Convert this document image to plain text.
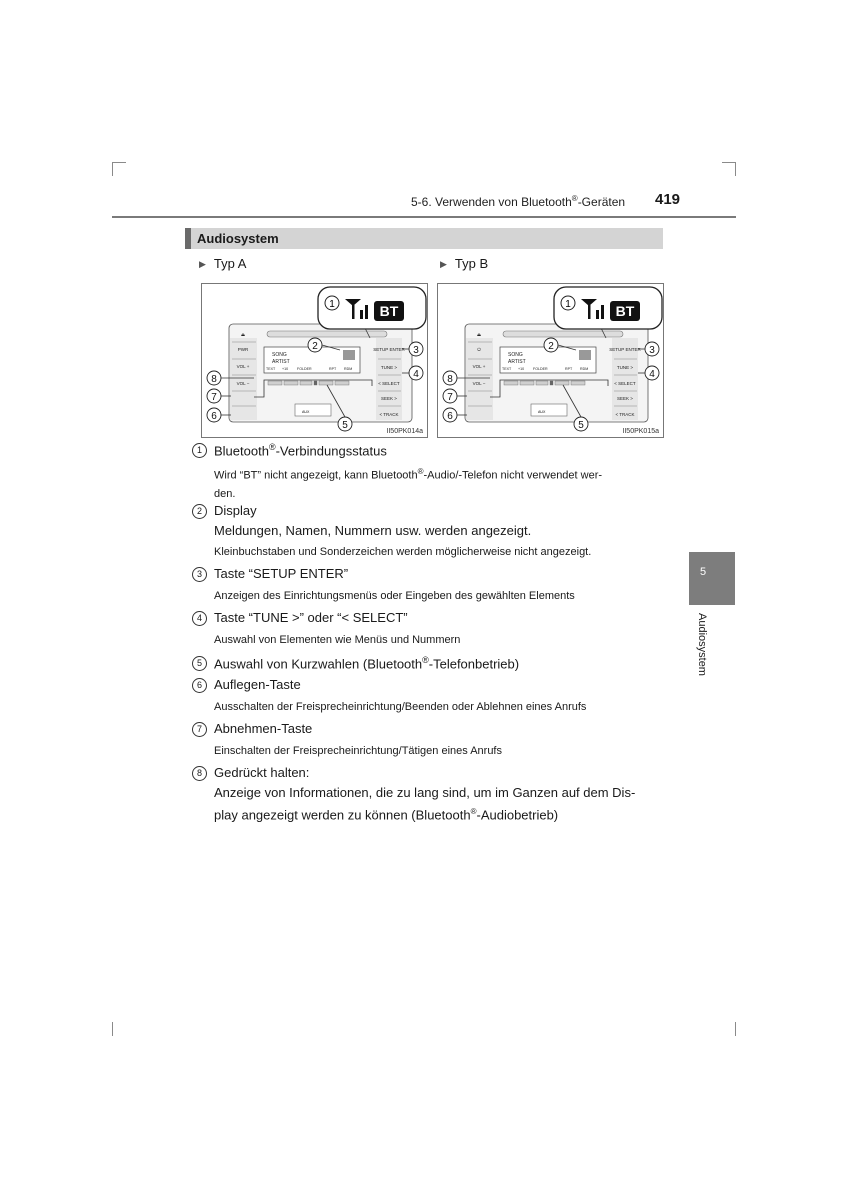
5-6. Verwenden von Bluetooth®-Geräten 419
Audiosystem
▶ Typ A	▶ Typ B
⏏
PWR
VOL +
VOL −
SETUP ENTER
TUNE >
< SELECT
SEEK >
< TRACK
SONG
ARTIST
TEXT +10 FOLDER	RPT RDM
AUX
1	BT
2	3
4
5
6
7
8
II50PK014a
⏏
⏻
VOL +
VOL −
SETUP ENTER
TUNE >
< SELECT
SEEK >
< TRACK
SONG
ARTIST
TEXT +10 FOLDER	RPT RDM
AUX
1	BT
2	3
4
5
6
7
8
II50PK015a
1 Bluetooth®-Verbindungsstatus
Wird “BT” nicht angezeigt, kann Bluetooth®-Audio/-Telefon nicht verwendet wer-
den.
2 Display
Meldungen, Namen, Nummern usw. werden angezeigt.
Kleinbuchstaben und Sonderzeichen werden möglicherweise nicht angezeigt.
3 Taste “SETUP ENTER”
Anzeigen des Einrichtungsmenüs oder Eingeben des gewählten Elements
4 Taste “TUNE >” oder “< SELECT”
Auswahl von Elementen wie Menüs und Nummern
5 Auswahl von Kurzwahlen (Bluetooth®-Telefonbetrieb)
6 Auflegen-Taste
Ausschalten der Freisprecheinrichtung/Beenden oder Ablehnen eines Anrufs
7 Abnehmen-Taste
Einschalten der Freisprecheinrichtung/Tätigen eines Anrufs
8 Gedrückt halten:
Anzeige von Informationen, die zu lang sind, um im Ganzen auf dem Dis-
play angezeigt werden zu können (Bluetooth®-Audiobetrieb)
5
Audiosystem
